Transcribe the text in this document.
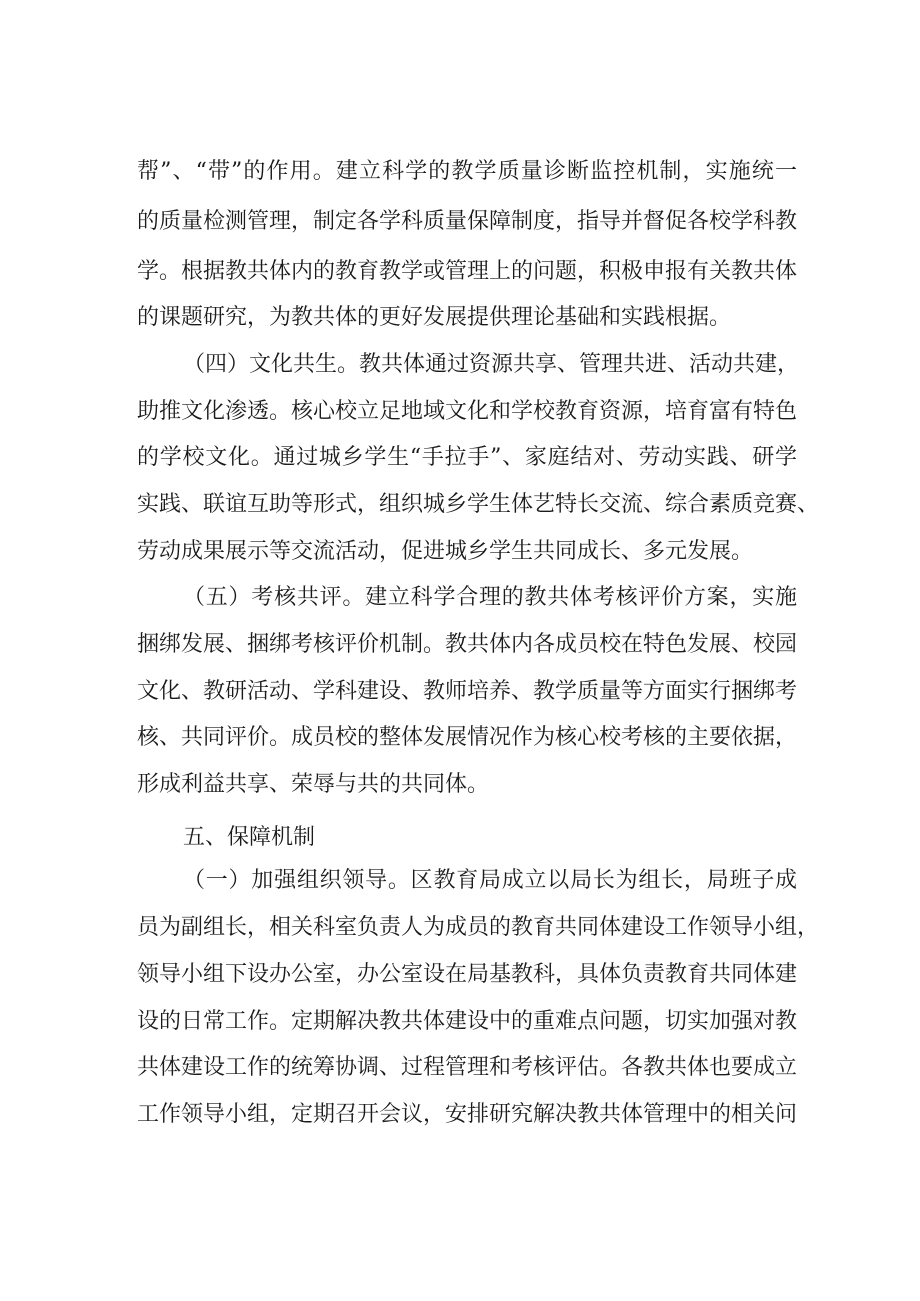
帮”、“带”的作用。建立科学的教学质量诊断监控机制，实施统一
的质量检测管理，制定各学科质量保障制度，指导并督促各校学科教
学。根据教共体内的教育教学或管理上的问题，积极申报有关教共体
的课题研究，为教共体的更好发展提供理论基础和实践根据。
（四）文化共生。教共体通过资源共享、管理共进、活动共建，
助推文化渗透。核心校立足地域文化和学校教育资源，培育富有特色
的学校文化。通过城乡学生“手拉手”、家庭结对、劳动实践、研学
实践、联谊互助等形式，组织城乡学生体艺特长交流、综合素质竞赛、
劳动成果展示等交流活动，促进城乡学生共同成长、多元发展。
（五）考核共评。建立科学合理的教共体考核评价方案，实施
捆绑发展、捆绑考核评价机制。教共体内各成员校在特色发展、校园
文化、教研活动、学科建设、教师培养、教学质量等方面实行捆绑考
核、共同评价。成员校的整体发展情况作为核心校考核的主要依据，
形成利益共享、荣辱与共的共同体。
五、保障机制
（一）加强组织领导。区教育局成立以局长为组长，局班子成
员为副组长，相关科室负责人为成员的教育共同体建设工作领导小组，
领导小组下设办公室，办公室设在局基教科，具体负责教育共同体建
设的日常工作。定期解决教共体建设中的重难点问题，切实加强对教
共体建设工作的统筹协调、过程管理和考核评估。各教共体也要成立
工作领导小组，定期召开会议，安排研究解决教共体管理中的相关问
